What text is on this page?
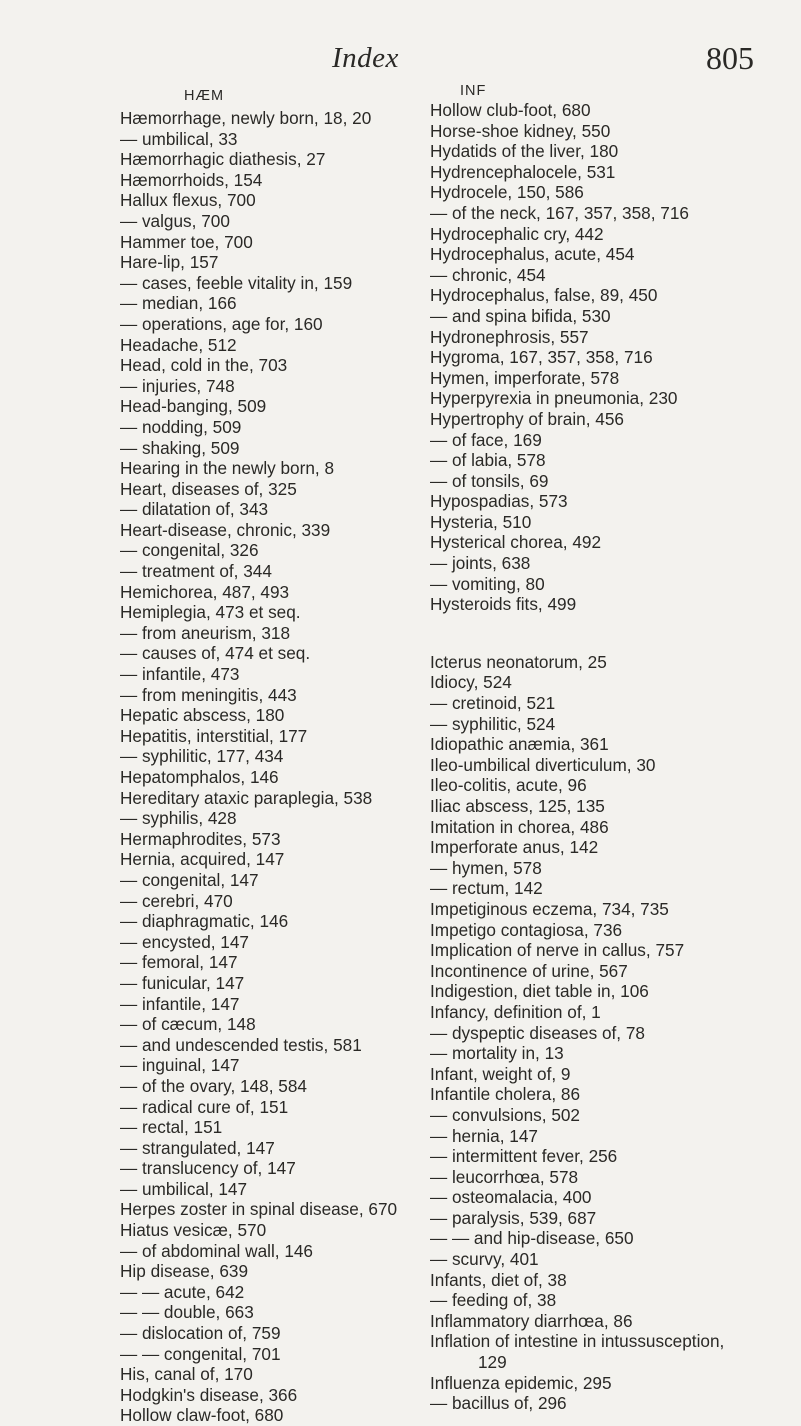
Index	805
HÆM
Hæmorrhage, newly born, 18, 20
— umbilical, 33
Hæmorrhagic diathesis, 27
Hæmorrhoids, 154
Hallux flexus, 700
— valgus, 700
Hammer toe, 700
Hare-lip, 157
— cases, feeble vitality in, 159
— median, 166
— operations, age for, 160
Headache, 512
Head, cold in the, 703
— injuries, 748
Head-banging, 509
— nodding, 509
— shaking, 509
Hearing in the newly born, 8
Heart, diseases of, 325
— dilatation of, 343
Heart-disease, chronic, 339
— congenital, 326
— treatment of, 344
Hemichorea, 487, 493
Hemiplegia, 473 et seq.
— from aneurism, 318
— causes of, 474 et seq.
— infantile, 473
— from meningitis, 443
Hepatic abscess, 180
Hepatitis, interstitial, 177
— syphilitic, 177, 434
Hepatomphalos, 146
Hereditary ataxic paraplegia, 538
— syphilis, 428
Hermaphrodites, 573
Hernia, acquired, 147
— congenital, 147
— cerebri, 470
— diaphragmatic, 146
— encysted, 147
— femoral, 147
— funicular, 147
— infantile, 147
— of cæcum, 148
— and undescended testis, 581
— inguinal, 147
— of the ovary, 148, 584
— radical cure of, 151
— rectal, 151
— strangulated, 147
— translucency of, 147
— umbilical, 147
Herpes zoster in spinal disease, 670
Hiatus vesicæ, 570
— of abdominal wall, 146
Hip disease, 639
— — acute, 642
— — double, 663
— dislocation of, 759
— — congenital, 701
His, canal of, 170
Hodgkin's disease, 366
Hollow claw-foot, 680
INF
Hollow club-foot, 680
Horse-shoe kidney, 550
Hydatids of the liver, 180
Hydrencephalocele, 531
Hydrocele, 150, 586
— of the neck, 167, 357, 358, 716
Hydrocephalic cry, 442
Hydrocephalus, acute, 454
— chronic, 454
Hydrocephalus, false, 89, 450
— and spina bifida, 530
Hydronephrosis, 557
Hygroma, 167, 357, 358, 716
Hymen, imperforate, 578
Hyperpyrexia in pneumonia, 230
Hypertrophy of brain, 456
— of face, 169
— of labia, 578
— of tonsils, 69
Hypospadias, 573
Hysteria, 510
Hysterical chorea, 492
— joints, 638
— vomiting, 80
Hysteroids fits, 499
Icterus neonatorum, 25
Idiocy, 524
— cretinoid, 521
— syphilitic, 524
Idiopathic anæmia, 361
Ileo-umbilical diverticulum, 30
Ileo-colitis, acute, 96
Iliac abscess, 125, 135
Imitation in chorea, 486
Imperforate anus, 142
— hymen, 578
— rectum, 142
Impetiginous eczema, 734, 735
Impetigo contagiosa, 736
Implication of nerve in callus, 757
Incontinence of urine, 567
Indigestion, diet table in, 106
Infancy, definition of, 1
— dyspeptic diseases of, 78
— mortality in, 13
Infant, weight of, 9
Infantile cholera, 86
— convulsions, 502
— hernia, 147
— intermittent fever, 256
— leucorrhœa, 578
— osteomalacia, 400
— paralysis, 539, 687
— — and hip-disease, 650
— scurvy, 401
Infants, diet of, 38
— feeding of, 38
Inflammatory diarrhœa, 86
Inflation of intestine in intussusception,
129
Influenza epidemic, 295
— bacillus of, 296
